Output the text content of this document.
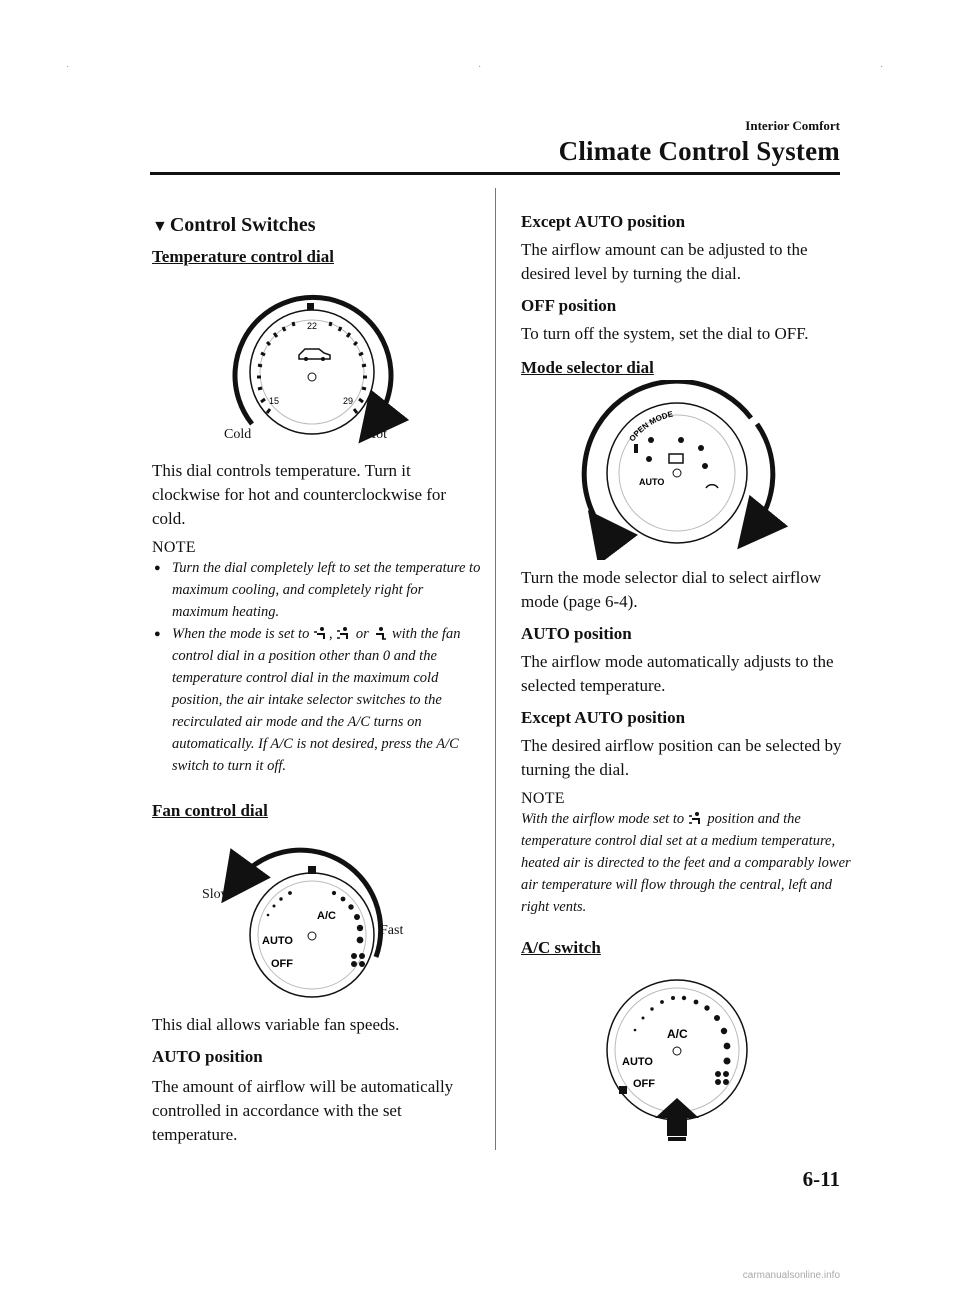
·	·	·
Interior Comfort
Climate Control System
▼ Control Switches

Temperature control dial

22
15	29
Cold	Hot

This dial controls temperature. Turn it clockwise for hot and counterclockwise for cold.

NOTE

● Turn the dial completely left to set the temperature to maximum cooling, and completely right for maximum heating.

● When the mode is set to , or with the fan control dial in a position other than 0 and the temperature control dial in the maximum cold position, the air intake selector switches to the recirculated air mode and the A/C turns on automatically. If A/C is not desired, press the A/C switch to turn it off.

Fan control dial

A/C
AUTO
OFF
Slow
Fast

This dial allows variable fan speeds.

AUTO position

The amount of airflow will be automatically controlled in accordance with the set temperature.

Except AUTO position

The airflow amount can be adjusted to the desired level by turning the dial.

OFF position

To turn off the system, set the dial to OFF.

Mode selector dial

OPEN MODE
AUTO

Turn the mode selector dial to select airflow mode (page 6-4).

AUTO position

The airflow mode automatically adjusts to the selected temperature.

Except AUTO position

The desired airflow position can be selected by turning the dial.

NOTE

With the airflow mode set to position and the temperature control dial set at a medium temperature, heated air is directed to the feet and a comparably lower air temperature will flow through the central, left and right vents.

A/C switch

A/C
AUTO
OFF
6-11
carmanualsonline.info
